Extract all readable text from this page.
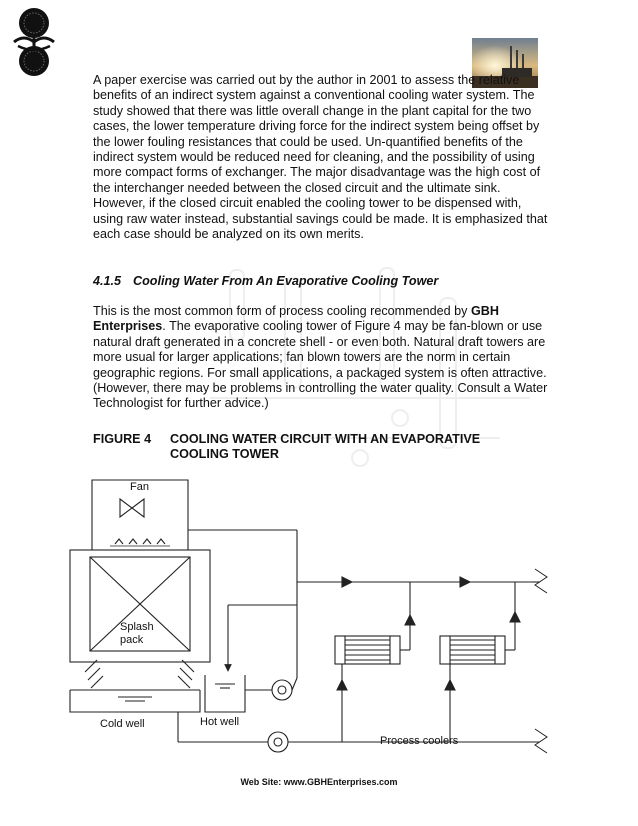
A paper exercise was carried out by the author in 2001 to assess the relative benefits of an indirect system against a conventional cooling water system. The study showed that there was little overall change in the plant capital for the two cases, the lower temperature driving force for the indirect system being offset by the lower fouling resistances that could be used. Un-quantified benefits of the indirect system would be reduced need for cleaning, and the possibility of using more compact forms of exchanger. The major disadvantage was the high cost of the interchanger needed between the closed circuit and the ultimate sink. However, if the closed circuit enabled the cooling tower to be dispensed with, using raw water instead, substantial savings could be made. It is emphasized that each case should be analyzed on its own merits.

4.1.5 Cooling Water From An Evaporative Cooling Tower

This is the most common form of process cooling recommended by GBH Enterprises. The evaporative cooling tower of Figure 4 may be fan-blown or use natural draft generated in a concrete shell - or even both. Natural draft towers are more usual for larger applications; fan blown towers are the norm in certain geographic regions. For small applications, a packaged system is often attractive. (However, there may be problems in controlling the water quality. Consult a Water Technologist for further advice.)

FIGURE 4 COOLING WATER CIRCUIT WITH AN EVAPORATIVE COOLING TOWER
Fan
Splash
pack
Cold well	Hot well
Process coolers
Web Site: www.GBHEnterprises.com
